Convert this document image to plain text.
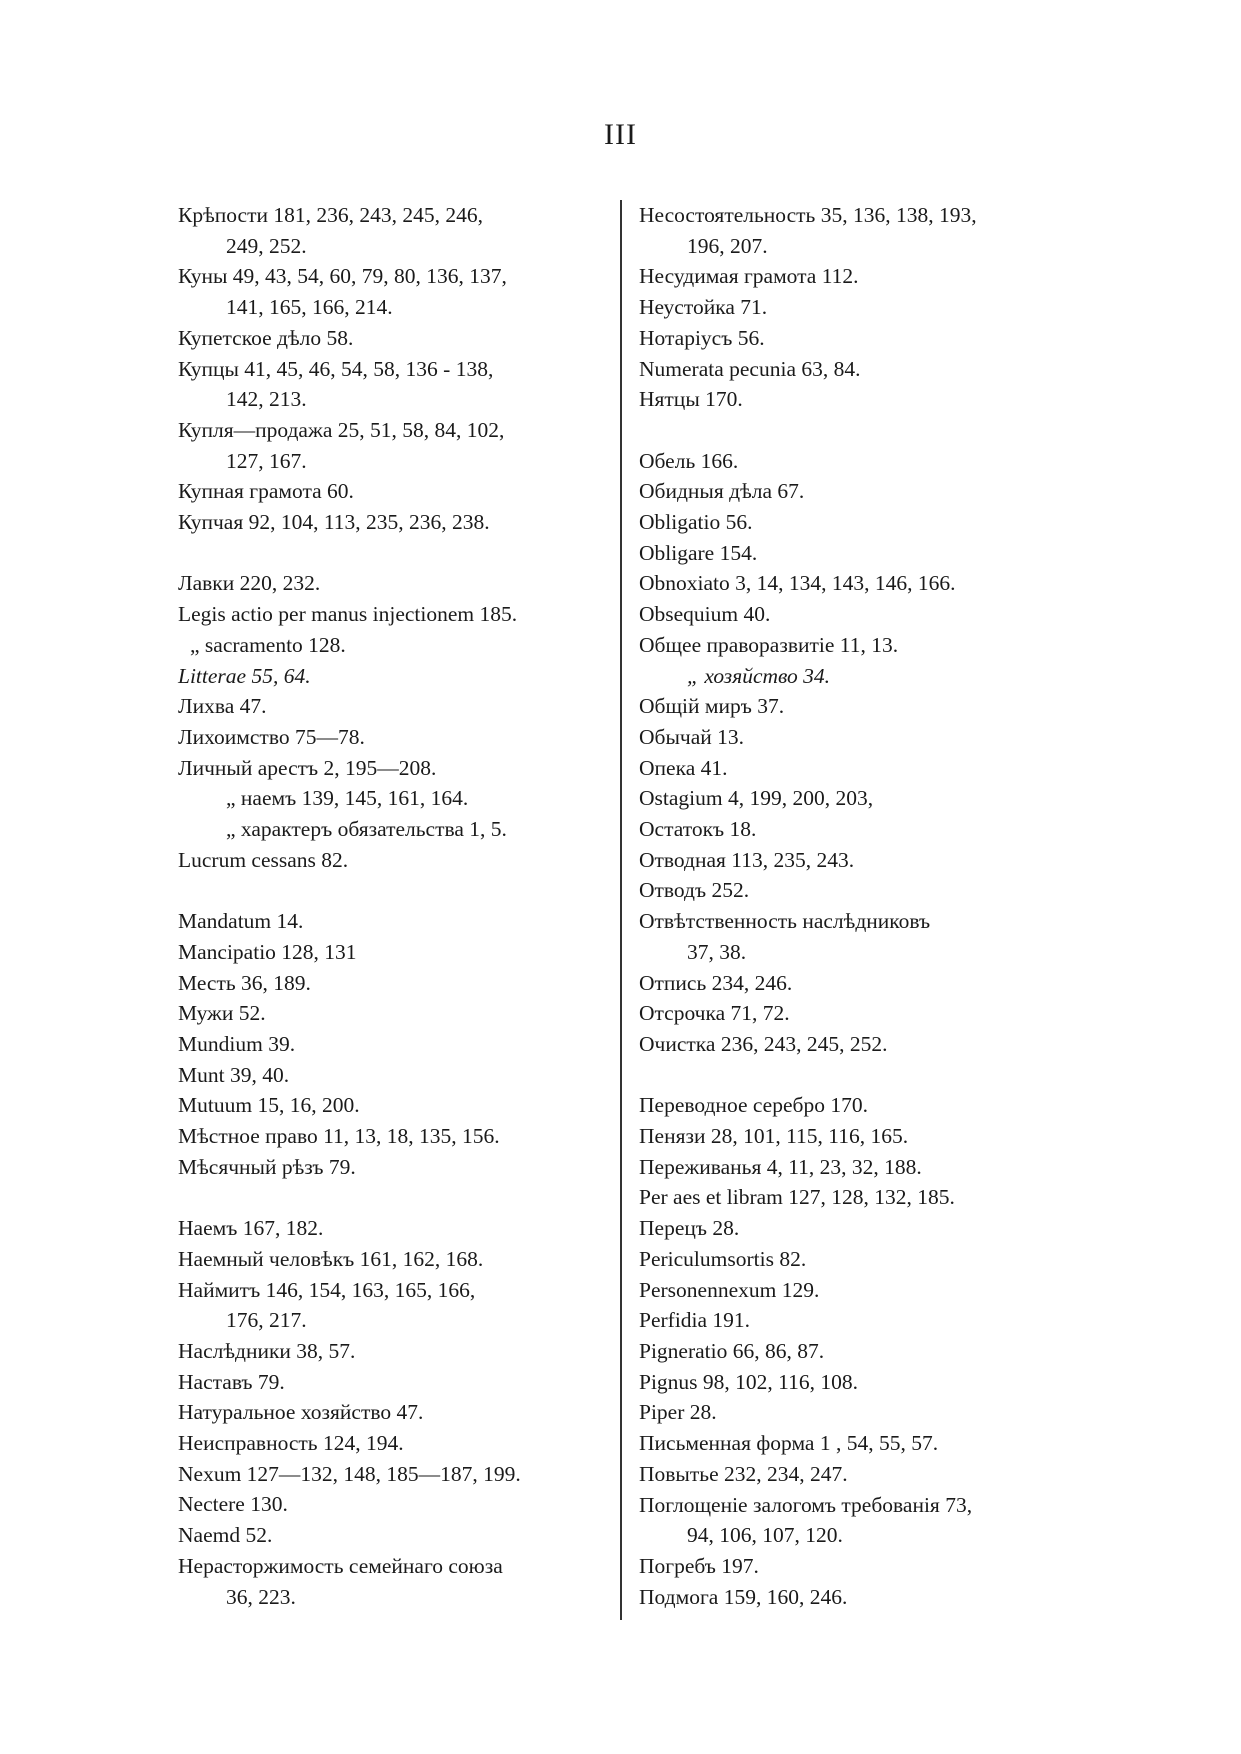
III
Крѣпости 181, 236, 243, 245, 246,
249, 252.
Куны 49, 43, 54, 60, 79, 80, 136, 137,
141, 165, 166, 214.
Купетское дѣло 58.
Купцы 41, 45, 46, 54, 58, 136 - 138,
142, 213.
Купля—продажа 25, 51, 58, 84, 102,
127, 167.
Купная грамота 60.
Купчая 92, 104, 113, 235, 236, 238.
Лавки 220, 232.
Legis actio per manus injectionem 185.
„ sacramento 128.
Litterae 55, 64.
Лихва 47.
Лихоимство 75—78.
Личный арестъ 2, 195—208.
„ наемъ 139, 145, 161, 164.
„ характеръ обязательства 1, 5.
Lucrum cessans 82.
Mandatum 14.
Mancipatio 128, 131
Месть 36, 189.
Мужи 52.
Mundium 39.
Munt 39, 40.
Mutuum 15, 16, 200.
Мѣстное право 11, 13, 18, 135, 156.
Мѣсячный рѣзъ 79.
Наемъ 167, 182.
Наемный человѣкъ 161, 162, 168.
Наймитъ 146, 154, 163, 165, 166,
176, 217.
Наслѣдники 38, 57.
Наставъ 79.
Натуральное хозяйство 47.
Неисправность 124, 194.
Nexum 127—132, 148, 185—187, 199.
Nectere 130.
Naemd 52.
Нерасторжимость семейнаго союза
36, 223.
Несостоятельность 35, 136, 138, 193,
196, 207.
Несудимая грамота 112.
Неустойка 71.
Нотаріусъ 56.
Numerata pecunia 63, 84.
Нятцы 170.
Обель 166.
Обидныя дѣла 67.
Obligatio 56.
Obligare 154.
Obnoxiato 3, 14, 134, 143, 146, 166.
Obsequium 40.
Общее праворазвитіе 11, 13.
„ хозяйство 34.
Общій миръ 37.
Обычай 13.
Опека 41.
Ostagium 4, 199, 200, 203,
Остатокъ 18.
Отводная 113, 235, 243.
Отводъ 252.
Отвѣтственность наслѣдниковъ
37, 38.
Отпись 234, 246.
Отсрочка 71, 72.
Очистка 236, 243, 245, 252.
Переводное серебро 170.
Пенязи 28, 101, 115, 116, 165.
Переживанья 4, 11, 23, 32, 188.
Per aes et libram 127, 128, 132, 185.
Перецъ 28.
Periculumsortis 82.
Personennexum 129.
Perfidia 191.
Pigneratio 66, 86, 87.
Pignus 98, 102, 116, 108.
Piper 28.
Письменная форма 1 , 54, 55, 57.
Повытье 232, 234, 247.
Поглощеніе залогомъ требованія 73,
94, 106, 107, 120.
Погребъ 197.
Подмога 159, 160, 246.
